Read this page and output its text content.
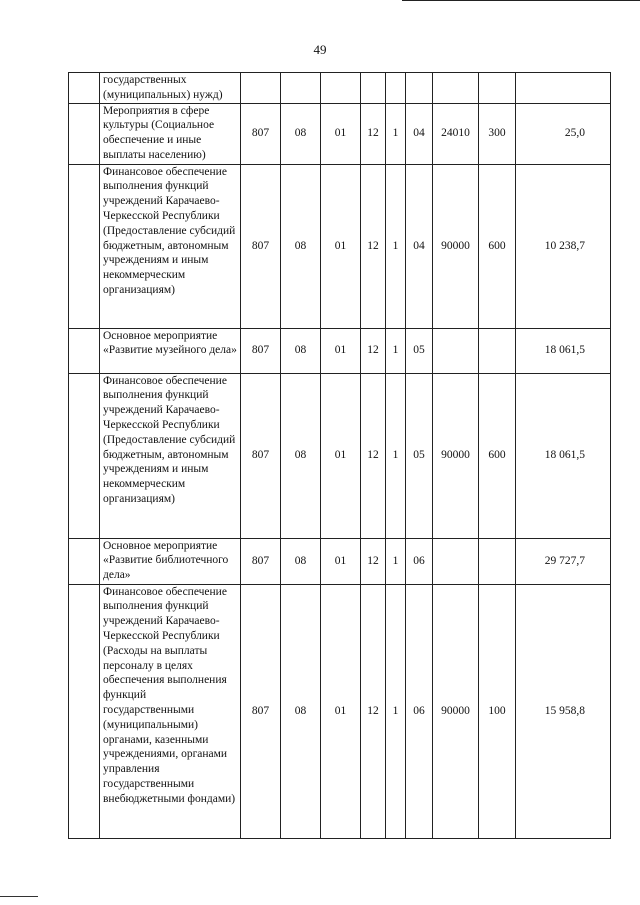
49
	государственных (муниципальных) нужд)									
	Мероприятия в сфере культуры (Социальное обеспечение и иные выплаты населению)	807	08	01	12	1	04	24010	300	25,0
	Финансовое обеспечение выполнения функций учреждений Карачаево-Черкесской Республики (Предоставление субсидий бюджетным, автономным учреждениям и иным некоммерческим организациям)	807	08	01	12	1	04	90000	600	10 238,7
	Основное мероприятие «Развитие музейного дела»	807	08	01	12	1	05			18 061,5
	Финансовое обеспечение выполнения функций учреждений Карачаево-Черкесской Республики (Предоставление субсидий бюджетным, автономным учреждениям и иным некоммерческим организациям)	807	08	01	12	1	05	90000	600	18 061,5
	Основное мероприятие «Развитие библиотечного дела»	807	08	01	12	1	06			29 727,7
	Финансовое обеспечение выполнения функций учреждений Карачаево-Черкесской Республики (Расходы на выплаты персоналу в целях обеспечения выполнения функций государственными (муниципальными) органами, казенными учреждениями, органами управления государственными внебюджетными фондами)	807	08	01	12	1	06	90000	100	15 958,8
